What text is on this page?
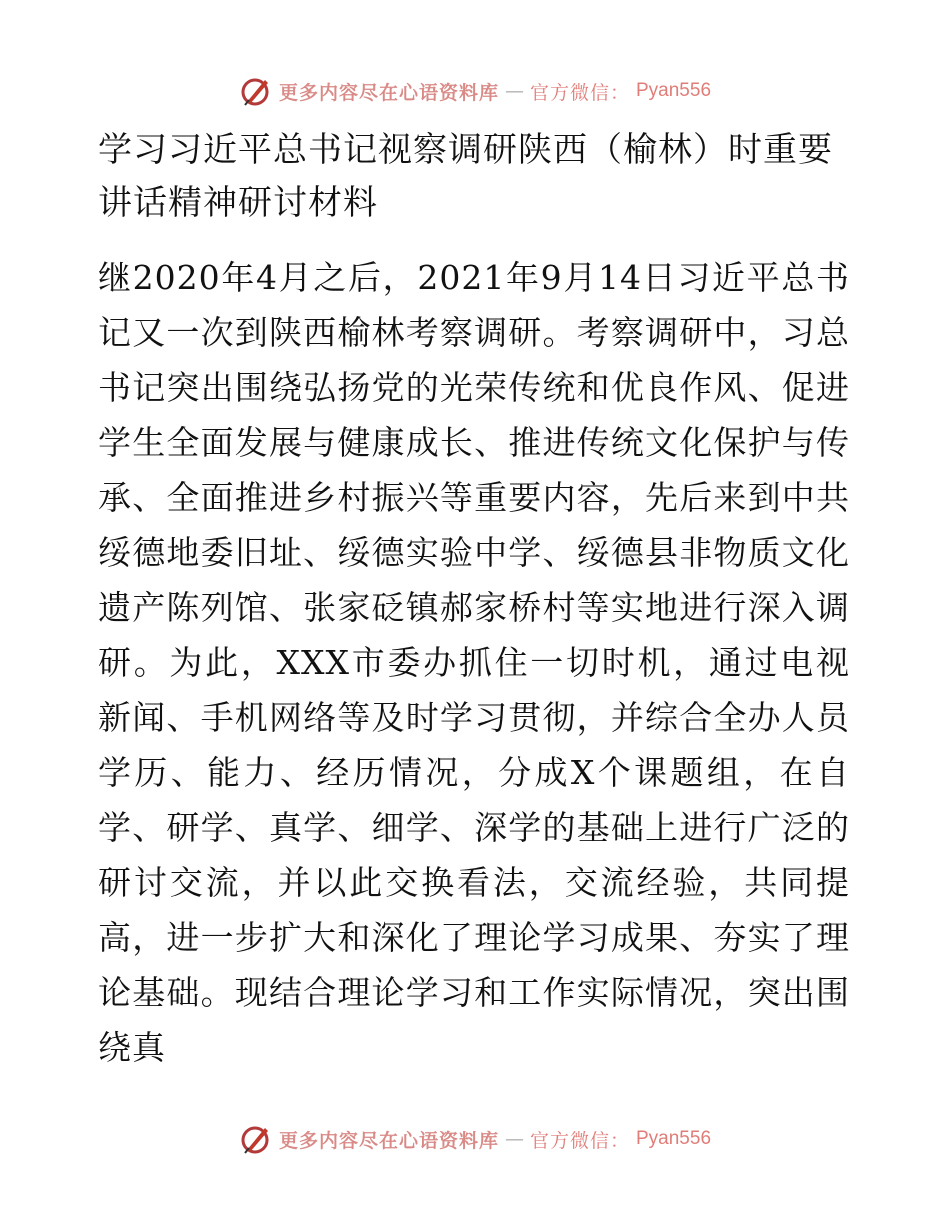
更多内容尽在心语资料库 — 官方微信： Pyan556
学习习近平总书记视察调研陕西（榆林）时重要讲话精神研讨材料

继2020年4月之后，2021年9月14日习近平总书记又一次到陕西榆林考察调研。考察调研中，习总书记突出围绕弘扬党的光荣传统和优良作风、促进学生全面发展与健康成长、推进传统文化保护与传承、全面推进乡村振兴等重要内容，先后来到中共绥德地委旧址、绥德实验中学、绥德县非物质文化遗产陈列馆、张家砭镇郝家桥村等实地进行深入调研。为此，XXX市委办抓住一切时机，通过电视新闻、手机网络等及时学习贯彻，并综合全办人员学历、能力、经历情况，分成X个课题组，在自学、研学、真学、细学、深学的基础上进行广泛的研讨交流，并以此交换看法，交流经验，共同提高，进一步扩大和深化了理论学习成果、夯实了理论基础。现结合理论学习和工作实际情况，突出围绕真

更多内容尽在心语资料库 — 官方微信： Pyan556
